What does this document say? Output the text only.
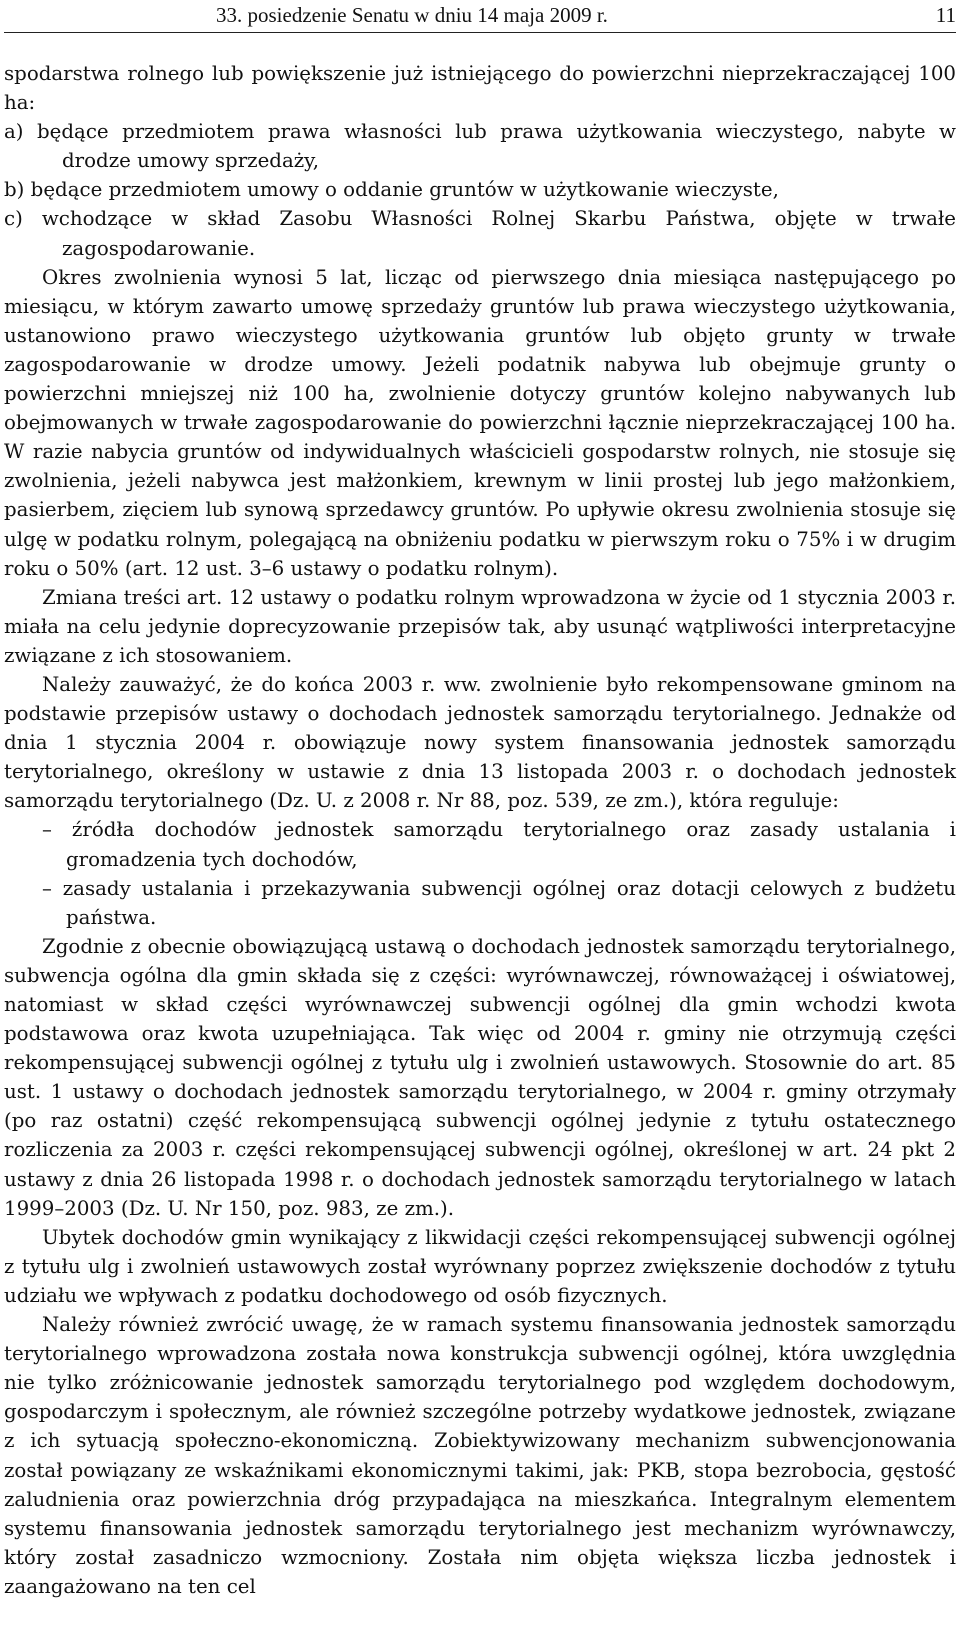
33. posiedzenie Senatu w dniu 14 maja 2009 r.	11

spodarstwa rolnego lub powiększenie już istniejącego do powierzchni nieprzekraczającej 100 ha:

a) będące przedmiotem prawa własności lub prawa użytkowania wieczystego, nabyte w drodze umowy sprzedaży,

b) będące przedmiotem umowy o oddanie gruntów w użytkowanie wieczyste,

c) wchodzące w skład Zasobu Własności Rolnej Skarbu Państwa, objęte w trwałe zagospodarowanie.

Okres zwolnienia wynosi 5 lat, licząc od pierwszego dnia miesiąca następującego po miesiącu, w którym zawarto umowę sprzedaży gruntów lub prawa wieczystego użytkowania, ustanowiono prawo wieczystego użytkowania gruntów lub objęto grunty w trwałe zagospodarowanie w drodze umowy. Jeżeli podatnik nabywa lub obejmuje grunty o powierzchni mniejszej niż 100 ha, zwolnienie dotyczy gruntów kolejno nabywanych lub obejmowanych w trwałe zagospodarowanie do powierzchni łącznie nieprzekraczającej 100 ha. W razie nabycia gruntów od indywidualnych właścicieli gospodarstw rolnych, nie stosuje się zwolnienia, jeżeli nabywca jest małżonkiem, krewnym w linii prostej lub jego małżonkiem, pasierbem, zięciem lub synową sprzedawcy gruntów. Po upływie okresu zwolnienia stosuje się ulgę w podatku rolnym, polegającą na obniżeniu podatku w pierwszym roku o 75% i w drugim roku o 50% (art. 12 ust. 3–6 ustawy o podatku rolnym).

Zmiana treści art. 12 ustawy o podatku rolnym wprowadzona w życie od 1 stycznia 2003 r. miała na celu jedynie doprecyzowanie przepisów tak, aby usunąć wątpliwości interpretacyjne związane z ich stosowaniem.

Należy zauważyć, że do końca 2003 r. ww. zwolnienie było rekompensowane gminom na podstawie przepisów ustawy o dochodach jednostek samorządu terytorialnego. Jednakże od dnia 1 stycznia 2004 r. obowiązuje nowy system finansowania jednostek samorządu terytorialnego, określony w ustawie z dnia 13 listopada 2003 r. o dochodach jednostek samorządu terytorialnego (Dz. U. z 2008 r. Nr 88, poz. 539, ze zm.), która reguluje:

– źródła dochodów jednostek samorządu terytorialnego oraz zasady ustalania i gromadzenia tych dochodów,

– zasady ustalania i przekazywania subwencji ogólnej oraz dotacji celowych z budżetu państwa.

Zgodnie z obecnie obowiązującą ustawą o dochodach jednostek samorządu terytorialnego, subwencja ogólna dla gmin składa się z części: wyrównawczej, równoważącej i oświatowej, natomiast w skład części wyrównawczej subwencji ogólnej dla gmin wchodzi kwota podstawowa oraz kwota uzupełniająca. Tak więc od 2004 r. gminy nie otrzymują części rekompensującej subwencji ogólnej z tytułu ulg i zwolnień ustawowych. Stosownie do art. 85 ust. 1 ustawy o dochodach jednostek samorządu terytorialnego, w 2004 r. gminy otrzymały (po raz ostatni) część rekompensującą subwencji ogólnej jedynie z tytułu ostatecznego rozliczenia za 2003 r. części rekompensującej subwencji ogólnej, określonej w art. 24 pkt 2 ustawy z dnia 26 listopada 1998 r. o dochodach jednostek samorządu terytorialnego w latach 1999–2003 (Dz. U. Nr 150, poz. 983, ze zm.).

Ubytek dochodów gmin wynikający z likwidacji części rekompensującej subwencji ogólnej z tytułu ulg i zwolnień ustawowych został wyrównany poprzez zwiększenie dochodów z tytułu udziału we wpływach z podatku dochodowego od osób fizycznych.

Należy również zwrócić uwagę, że w ramach systemu finansowania jednostek samorządu terytorialnego wprowadzona została nowa konstrukcja subwencji ogólnej, która uwzględnia nie tylko zróżnicowanie jednostek samorządu terytorialnego pod względem dochodowym, gospodarczym i społecznym, ale również szczególne potrzeby wydatkowe jednostek, związane z ich sytuacją społeczno-ekonomiczną. Zobiektywizowany mechanizm subwencjonowania został powiązany ze wskaźnikami ekonomicznymi takimi, jak: PKB, stopa bezrobocia, gęstość zaludnienia oraz powierzchnia dróg przypadająca na mieszkańca. Integralnym elementem systemu finansowania jednostek samorządu terytorialnego jest mechanizm wyrównawczy, który został zasadniczo wzmocniony. Została nim objęta większa liczba jednostek i zaangażowano na ten cel
